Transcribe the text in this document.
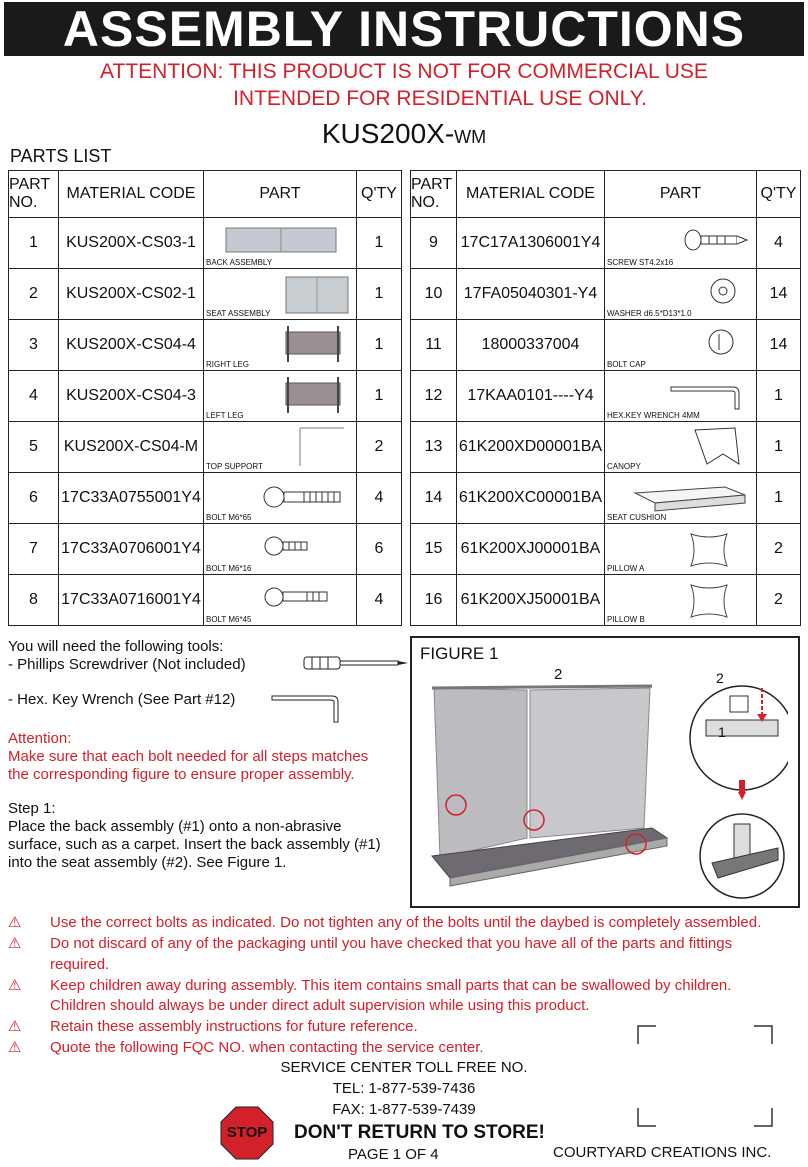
ASSEMBLY INSTRUCTIONS
ATTENTION: THIS PRODUCT IS NOT FOR COMMERCIAL USE
INTENDED FOR RESIDENTIAL USE ONLY.
KUS200X-WM
PARTS LIST
PART NO.	MATERIAL CODE	PART	Q'TY
1	KUS200X-CS03-1	BACK ASSEMBLY	1
2	KUS200X-CS02-1	SEAT ASSEMBLY	1
3	KUS200X-CS04-4	RIGHT LEG	1
4	KUS200X-CS04-3	LEFT LEG	1
5	KUS200X-CS04-M	TOP SUPPORT	2
6	17C33A0755001Y4	BOLT M6*65	4
7	17C33A0706001Y4	BOLT M6*16	6
8	17C33A0716001Y4	BOLT M6*45	4
PART NO.	MATERIAL CODE	PART	Q'TY
9	17C17A1306001Y4	SCREW ST4.2x16	4
10	17FA05040301-Y4	WASHER d6.5*D13*1.0	14
11	18000337004	BOLT CAP	14
12	17KAA0101----Y4	HEX.KEY WRENCH 4MM	1
13	61K200XD00001BA	CANOPY	1
14	61K200XC00001BA	SEAT CUSHION	1
15	61K200XJ00001BA	PILLOW A	2
16	61K200XJ50001BA	PILLOW B	2
You will need the following tools:
- Phillips Screwdriver (Not included)
- Hex. Key Wrench (See Part #12)
Attention:
Make sure that each bolt needed for all steps matches
the corresponding figure to ensure proper assembly.
Step 1:
Place the back assembly (#1) onto a non-abrasive
surface, such as a carpet. Insert the back assembly (#1)
into the seat assembly (#2). See Figure 1.
FIGURE 1
2	2
1
⚠ Use the correct bolts as indicated. Do not tighten any of the bolts until the daybed is completely assembled.
⚠ Do not discard of any of the packaging until you have checked that you have all of the parts and fittings
required.
⚠ Keep children away during assembly. This item contains small parts that can be swallowed by children.
Children should always be under direct adult supervision while using this product.
⚠ Retain these assembly instructions for future reference.
⚠ Quote the following FQC NO. when contacting the service center.
SERVICE CENTER TOLL FREE NO.
TEL: 1-877-539-7436
FAX: 1-877-539-7439
STOP	DON'T RETURN TO STORE!
PAGE 1 OF 4	COURTYARD CREATIONS INC.
